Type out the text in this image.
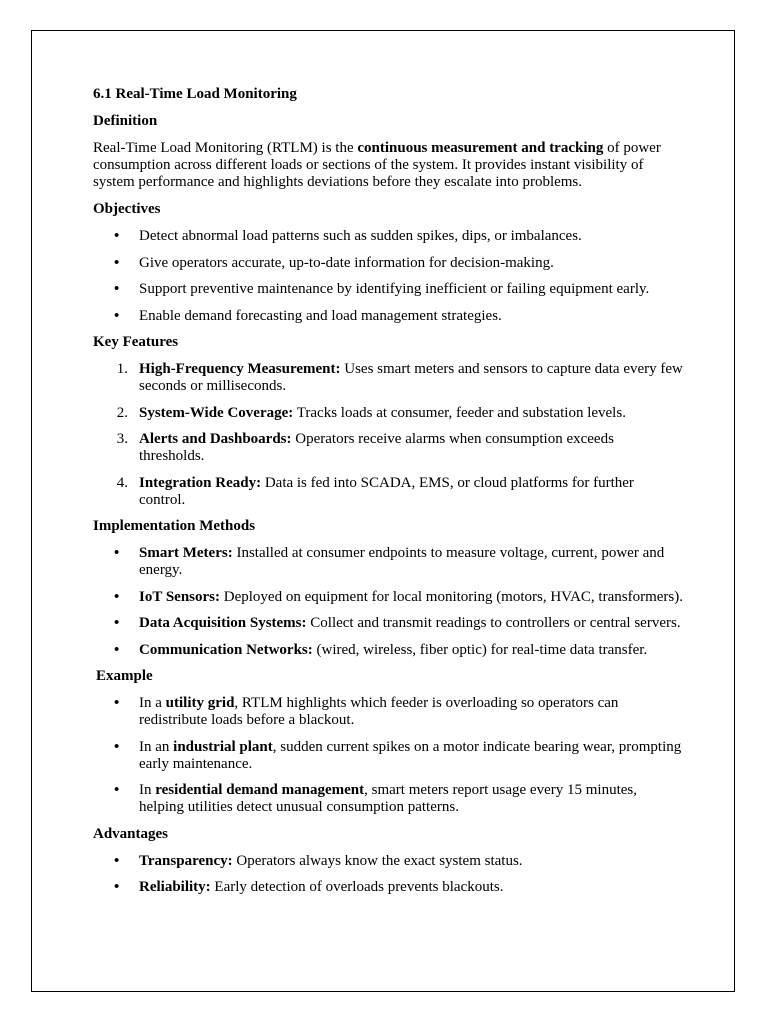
6.1 Real-Time Load Monitoring
Definition

Real-Time Load Monitoring (RTLM) is the continuous measurement and tracking of power consumption across different loads or sections of the system. It provides instant visibility of system performance and highlights deviations before they escalate into problems.

Objectives
• Detect abnormal load patterns such as sudden spikes, dips, or imbalances.
• Give operators accurate, up-to-date information for decision-making.
• Support preventive maintenance by identifying inefficient or failing equipment early.
• Enable demand forecasting and load management strategies.
Key Features
1. High-Frequency Measurement: Uses smart meters and sensors to capture data every few seconds or milliseconds.
2. System-Wide Coverage: Tracks loads at consumer, feeder and substation levels.
3. Alerts and Dashboards: Operators receive alarms when consumption exceeds thresholds.
4. Integration Ready: Data is fed into SCADA, EMS, or cloud platforms for further control.
Implementation Methods
• Smart Meters: Installed at consumer endpoints to measure voltage, current, power and energy.
• IoT Sensors: Deployed on equipment for local monitoring (motors, HVAC, transformers).
• Data Acquisition Systems: Collect and transmit readings to controllers or central servers.
• Communication Networks: (wired, wireless, fiber optic) for real-time data transfer.
Example
• In a utility grid, RTLM highlights which feeder is overloading so operators can redistribute loads before a blackout.
• In an industrial plant, sudden current spikes on a motor indicate bearing wear, prompting early maintenance.
• In residential demand management, smart meters report usage every 15 minutes, helping utilities detect unusual consumption patterns.
Advantages
• Transparency: Operators always know the exact system status.
• Reliability: Early detection of overloads prevents blackouts.
